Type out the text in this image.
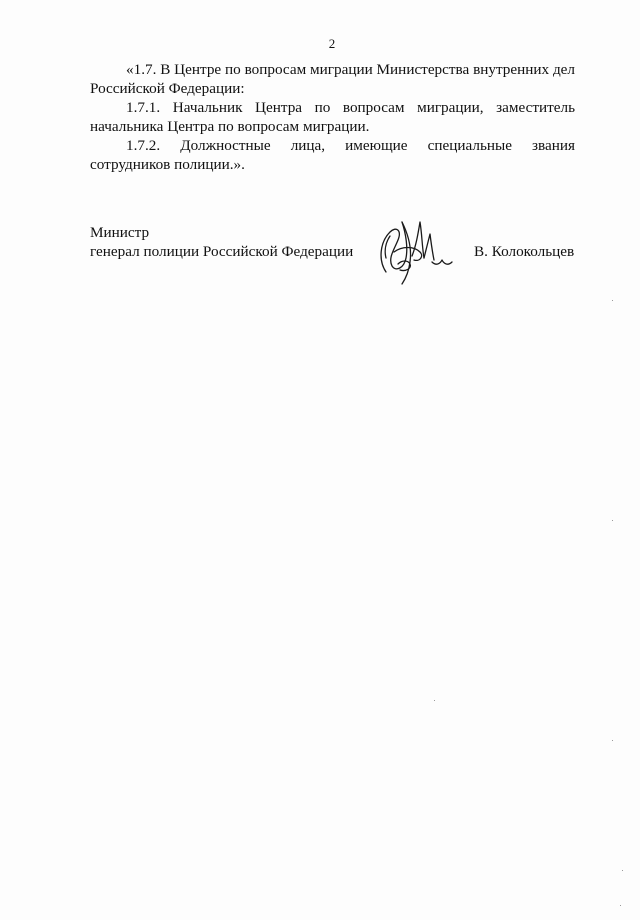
2

«1.7. В Центре по вопросам миграции Министерства внутренних дел Российской Федерации:

1.7.1. Начальник Центра по вопросам миграции, заместитель начальника Центра по вопросам миграции.

1.7.2. Должностные лица, имеющие специальные звания сотрудников полиции.».

Министр
генерал полиции Российской Федерации	В. Колокольцев
